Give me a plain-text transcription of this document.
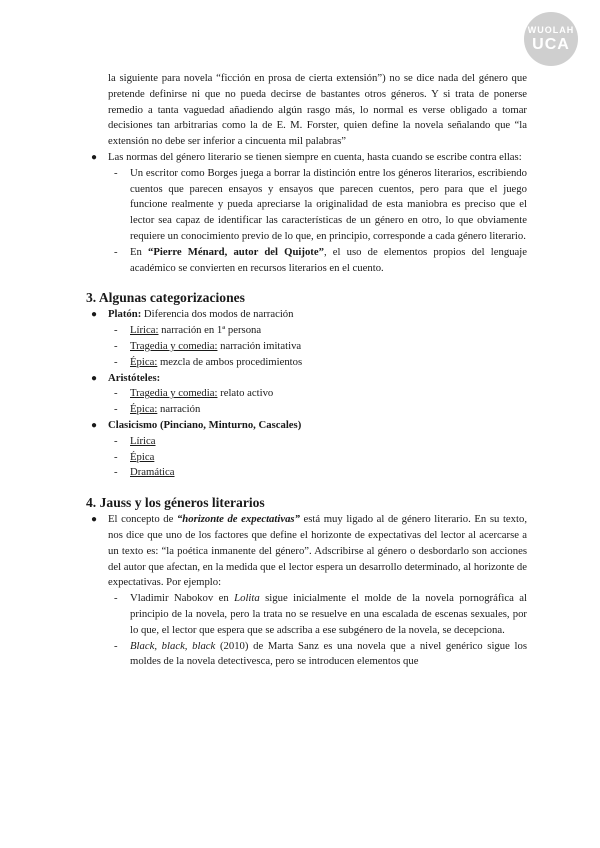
WUOLAH
UCA

la siguiente para novela “ficción en prosa de cierta extensión”) no se dice nada del género que pretende definirse ni que no pueda decirse de bastantes otros géneros. Y si trata de ponerse remedio a tanta vaguedad añadiendo algún rasgo más, lo normal es verse obligado a tomar decisiones tan arbitrarias como la de E. M. Forster, quien define la novela señalando que “la extensión no debe ser inferior a cincuenta mil palabras”

● Las normas del género literario se tienen siempre en cuenta, hasta cuando se escribe contra ellas:

- Un escritor como Borges juega a borrar la distinción entre los géneros literarios, escribiendo cuentos que parecen ensayos y ensayos que parecen cuentos, pero para que el juego funcione realmente y pueda apreciarse la originalidad de esta maniobra es preciso que el lector sea capaz de identificar las características de un género en otro, lo que obviamente requiere un conocimiento previo de lo que, en principio, corresponde a cada género literario.

- En “Pierre Ménard, autor del Quijote”, el uso de elementos propios del lenguaje académico se convierten en recursos literarios en el cuento.

3. Algunas categorizaciones
● Platón: Diferencia dos modos de narración

- Lírica: narración en 1ª persona

- Tragedia y comedia: narración imitativa

- Épica: mezcla de ambos procedimientos

● Aristóteles:

- Tragedia y comedia: relato activo

- Épica: narración

● Clasicismo (Pinciano, Minturno, Cascales)

- Lírica

- Épica

- Dramática

4. Jauss y los géneros literarios
● El concepto de “horizonte de expectativas” está muy ligado al de género literario. En su texto, nos dice que uno de los factores que define el horizonte de expectativas del lector al acercarse a un texto es: “la poética inmanente del género”. Adscribirse al género o desbordarlo son acciones del autor que afectan, en la medida que el lector espera un desarrollo determinado, al horizonte de expectativas. Por ejemplo:

- Vladimir Nabokov en Lolita sigue inicialmente el molde de la novela pornográfica al principio de la novela, pero la trata no se resuelve en una escalada de escenas sexuales, por lo que, el lector que espera que se adscriba a ese subgénero de la novela, se decepciona.

- Black, black, black (2010) de Marta Sanz es una novela que a nivel genérico sigue los moldes de la novela detectivesca, pero se introducen elementos que
